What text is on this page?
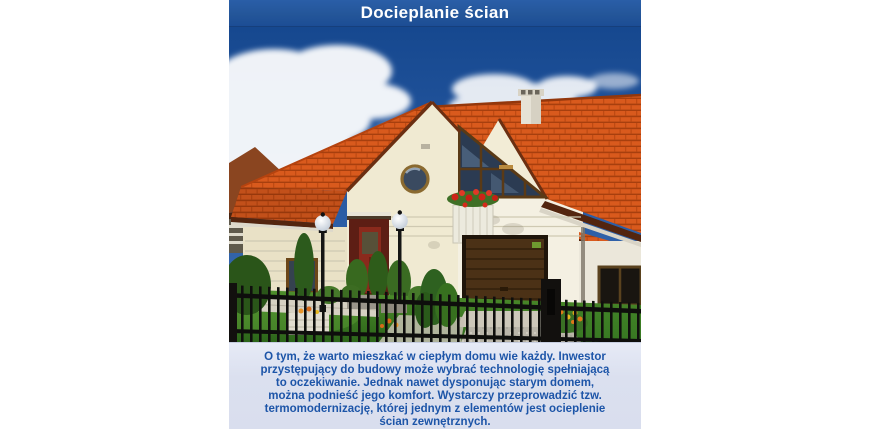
Docieplanie ścian
O tym, że warto mieszkać w ciepłym domu wie każdy. Inwestor
przystępujący do budowy może wybrać technologię spełniającą
to oczekiwanie. Jednak nawet dysponując starym domem,
można podnieść jego komfort. Wystarczy przeprowadzić tzw.
termomodernizację, której jednym z elementów jest ocieplenie
ścian zewnętrznych.
